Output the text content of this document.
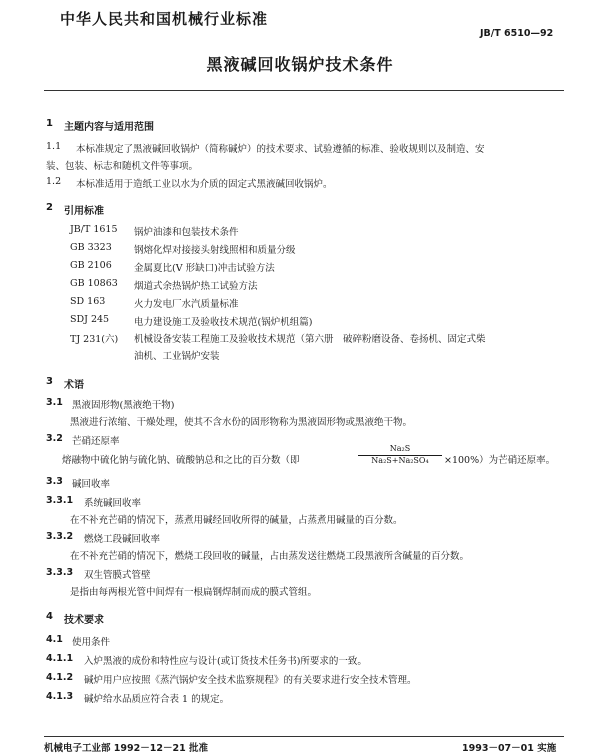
中华人民共和国机械行业标准
JB/T 6510—92
黑液碱回收锅炉技术条件
1 主题内容与适用范围
1.1 本标准规定了黑液碱回收锅炉（简称碱炉）的技术要求、试验遵循的标准、验收规则以及制造、安
装、包装、标志和随机文件等事项。
1.2 本标准适用于造纸工业以水为介质的固定式黑液碱回收锅炉。
2 引用标准
JB/T 1615 锅炉油漆和包装技术条件
GB 3323 钢熔化焊对接接头射线照相和质量分级
GB 2106 金属夏比(V 形缺口)冲击试验方法
GB 10863 烟道式余热锅炉热工试验方法
SD 163	火力发电厂水汽质量标准
SDJ 245	电力建设施工及验收技术规范(锅炉机组篇)
TJ 231(六) 机械设备安装工程施工及验收技术规范（第六册　破碎粉磨设备、卷扬机、固定式柴
油机、工业锅炉安装
3 术语
3.1 黑液固形物(黑液绝干物)
黑液进行浓缩、干燥处理，使其不含水份的固形物称为黑液固形物或黑液绝干物。
3.2 芒硝还原率
熔融物中硫化钠与硫化钠、硫酸钠总和之比的百分数（即
Na₂S
Na₂S+Na₂SO₄	×100%）为芒硝还原率。
3.3 碱回收率
3.3.1 系统碱回收率
在不补充芒硝的情况下，蒸煮用碱经回收所得的碱量，占蒸煮用碱量的百分数。
3.3.2 燃烧工段碱回收率
在不补充芒硝的情况下，燃烧工段回收的碱量，占由蒸发送往燃烧工段黑液所含碱量的百分数。
3.3.3 双生管膜式管壁
是指由每两根光管中间焊有一根扁钢焊制而成的膜式管组。
4 技术要求
4.1 使用条件
4.1.1 入炉黑液的成份和特性应与设计(或订货技术任务书)所要求的一致。
4.1.2 碱炉用户应按照《蒸汽锅炉安全技术监察规程》的有关要求进行安全技术管理。
4.1.3 碱炉给水品质应符合表 1 的规定。
机械电子工业部 1992－12－21 批准	1993－07－01 实施
